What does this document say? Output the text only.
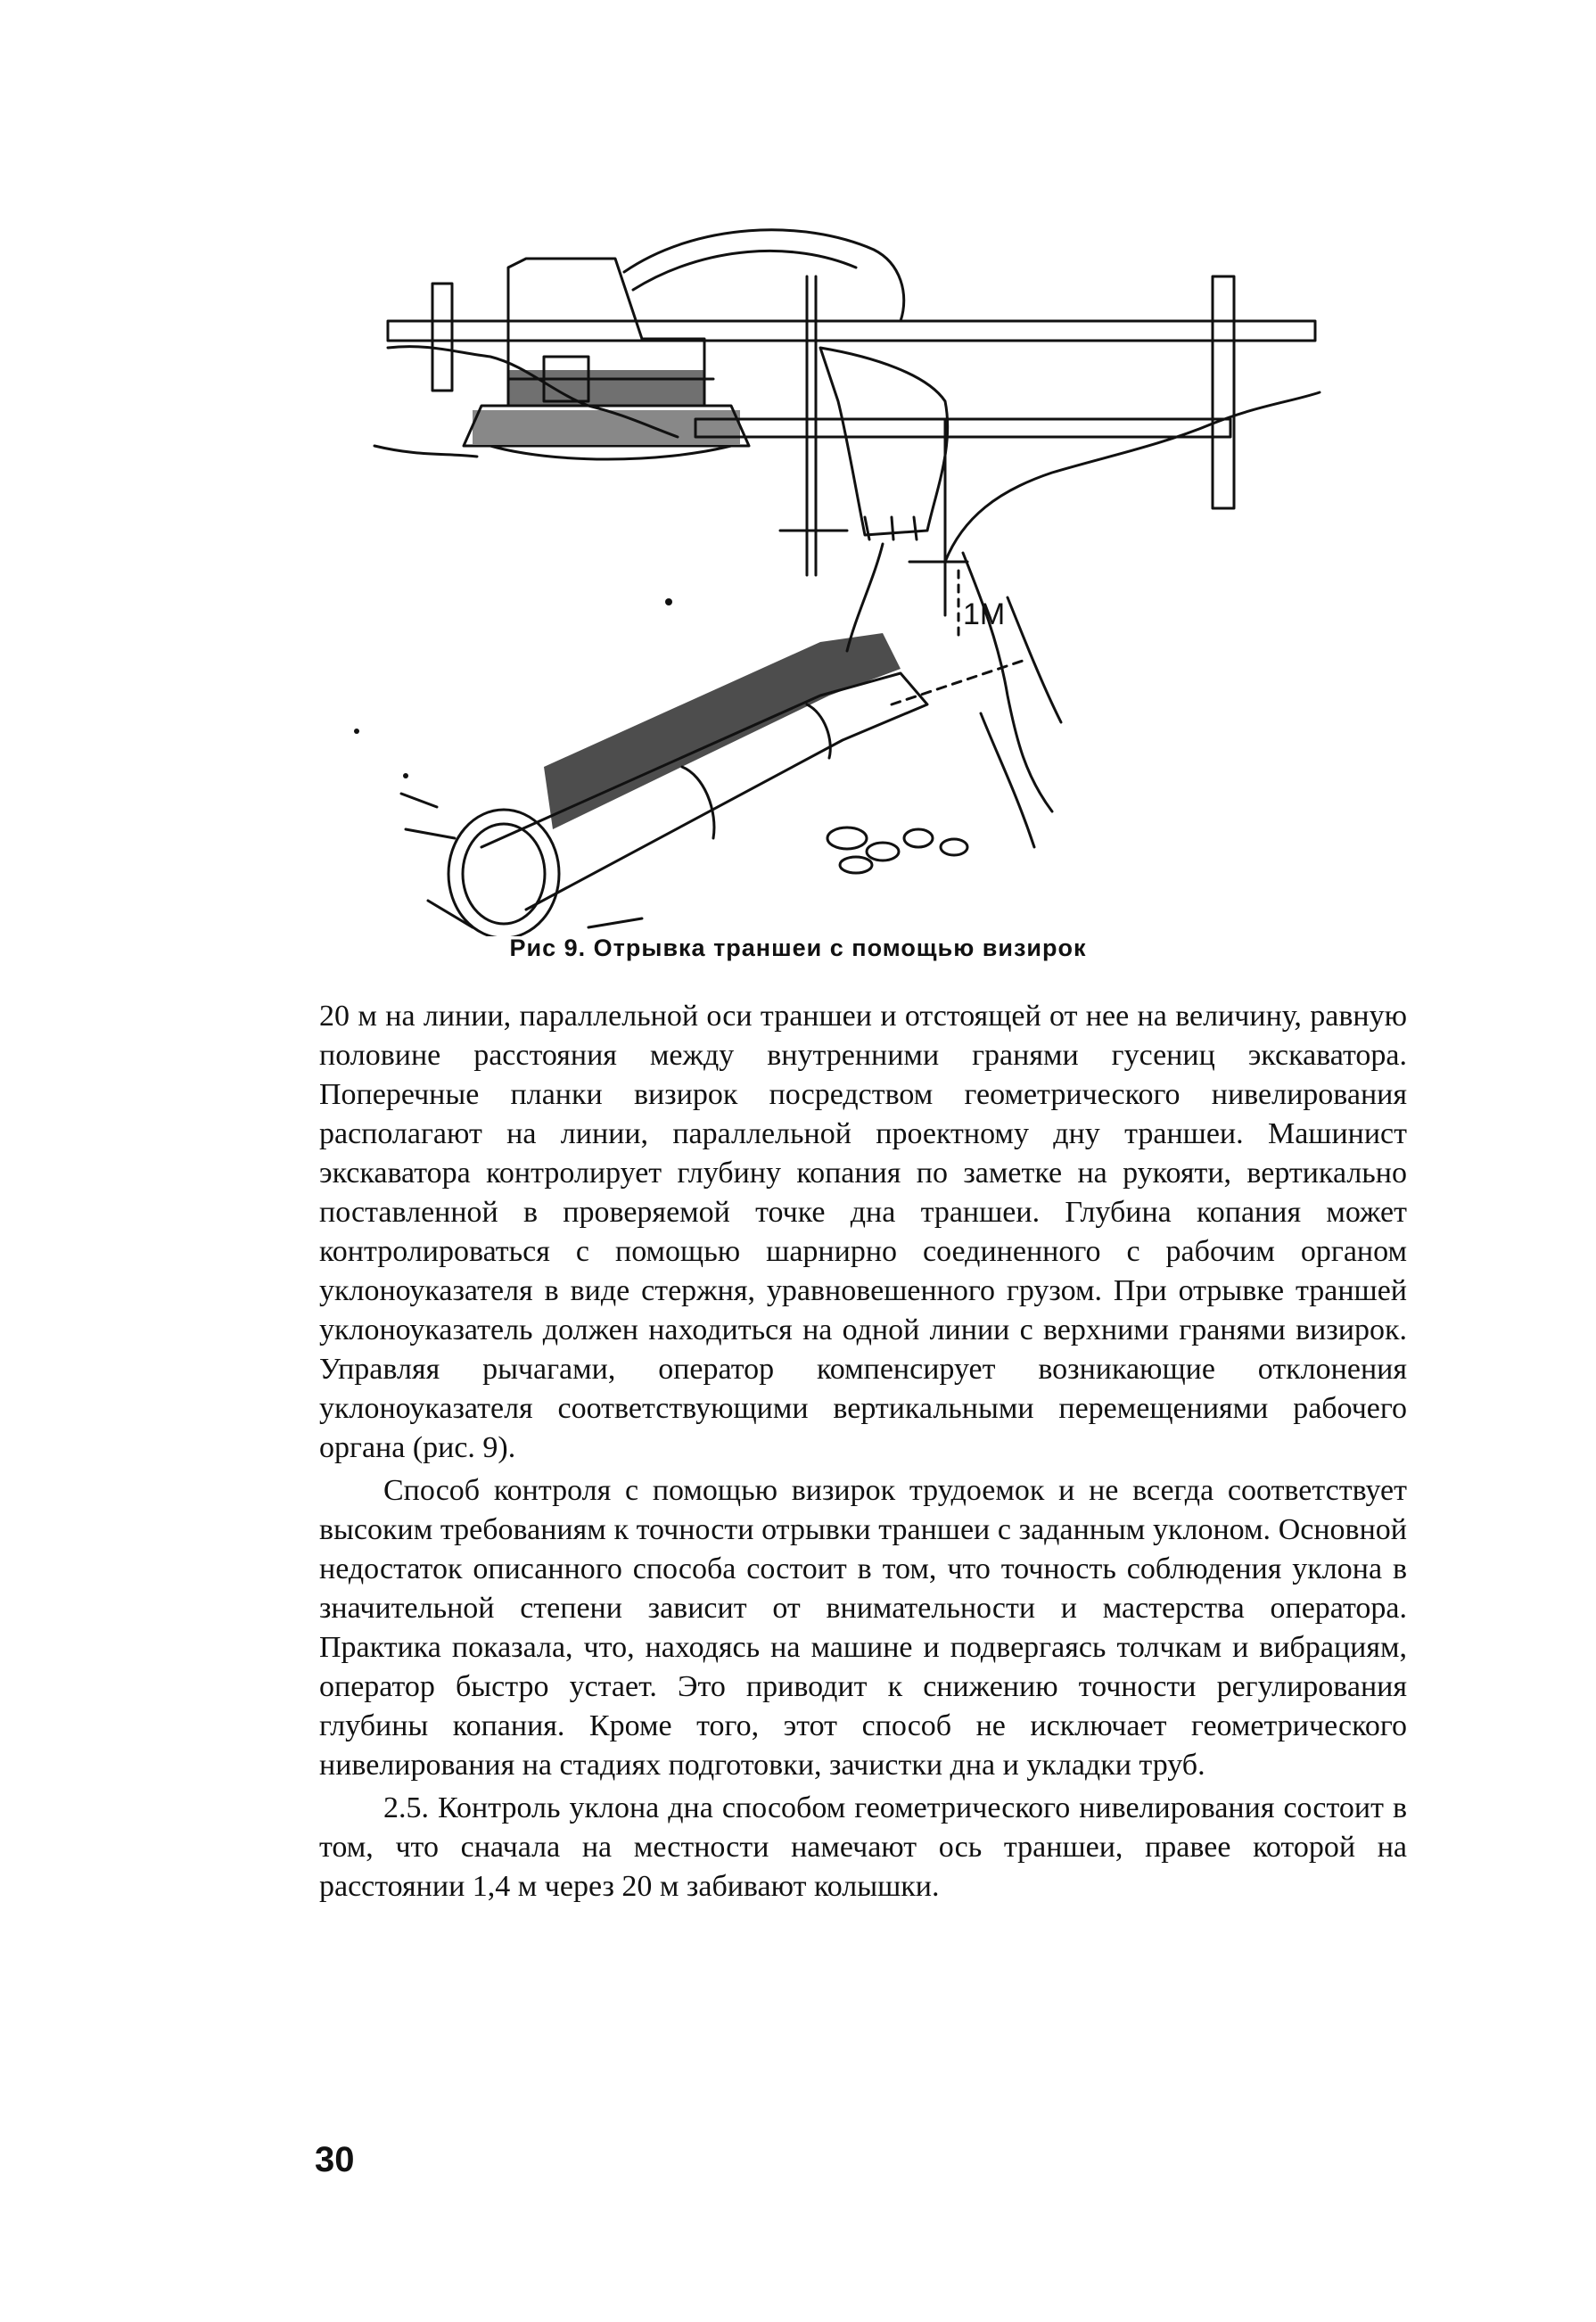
1М
Рис 9. Отрывка траншеи с помощью визирок

20 м на линии, параллельной оси траншеи и отстоящей от нее на величину, равную половине расстояния между внутренними гранями гусениц экскаватора. Поперечные планки визирок посредством геометрического нивелирования располагают на линии, параллельной проектному дну траншеи. Машинист экскаватора контролирует глубину копания по заметке на рукояти, вертикально поставленной в проверяемой точке дна траншеи. Глубина копания может контролироваться с помощью шарнирно соединенного с рабочим органом уклоноуказателя в виде стержня, уравновешенного грузом. При отрывке траншей уклоноуказатель должен находиться на одной линии с верхними гранями визирок. Управляя рычагами, оператор компенсирует возникающие отклонения уклоноуказателя соответствующими вертикальными перемещениями рабочего органа (рис. 9).

Способ контроля с помощью визирок трудоемок и не всегда соответствует высоким требованиям к точности отрывки траншеи с заданным уклоном. Основной недостаток описанного способа состоит в том, что точность соблюдения уклона в значительной степени зависит от внимательности и мастерства оператора. Практика показала, что, находясь на машине и подвергаясь толчкам и вибрациям, оператор быстро устает. Это приводит к снижению точности регулирования глубины копания. Кроме того, этот способ не исключает геометрического нивелирования на стадиях подготовки, зачистки дна и укладки труб.

2.5. Контроль уклона дна способом геометрического нивелирования состоит в том, что сначала на местности намечают ось траншеи, правее которой на расстоянии 1,4 м через 20 м забивают колышки.

30
